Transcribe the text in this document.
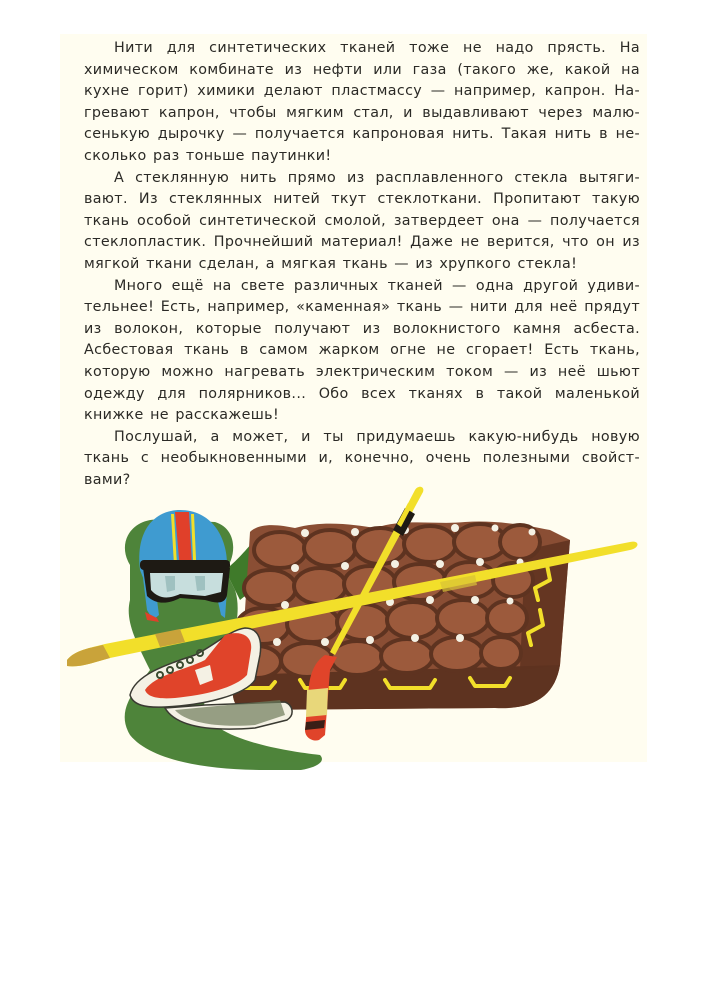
Нити для синтетических тканей тоже не надо прясть. На
химическом комбинате из нефти или газа (такого же, какой на
кухне горит) химики делают пластмассу — например, капрон. На-
гревают капрон, чтобы мягким стал, и выдавливают через малю-
сенькую дырочку — получается капроновая нить. Такая нить в не-
сколько раз тоньше паутинки!

А стеклянную нить прямо из расплавленного стекла вытяги-
вают. Из стеклянных нитей ткут стеклоткани. Пропитают такую
ткань особой синтетической смолой, затвердеет она — получается
стеклопластик. Прочнейший материал! Даже не верится, что он из
мягкой ткани сделан, а мягкая ткань — из хрупкого стекла!

Много ещё на свете различных тканей — одна другой удиви-
тельнее! Есть, например, «каменная» ткань — нити для неё прядут
из волокон, которые получают из волокнистого камня асбеста.
Асбестовая ткань в самом жарком огне не сгорает! Есть ткань,
которую можно нагревать электрическим током — из неё шьют
одежду для полярников... Обо всех тканях в такой маленькой
книжке не расскажешь!

Послушай, а может, и ты придумаешь какую-нибудь новую
ткань с необыкновенными и, конечно, очень полезными свойст-
вами?
